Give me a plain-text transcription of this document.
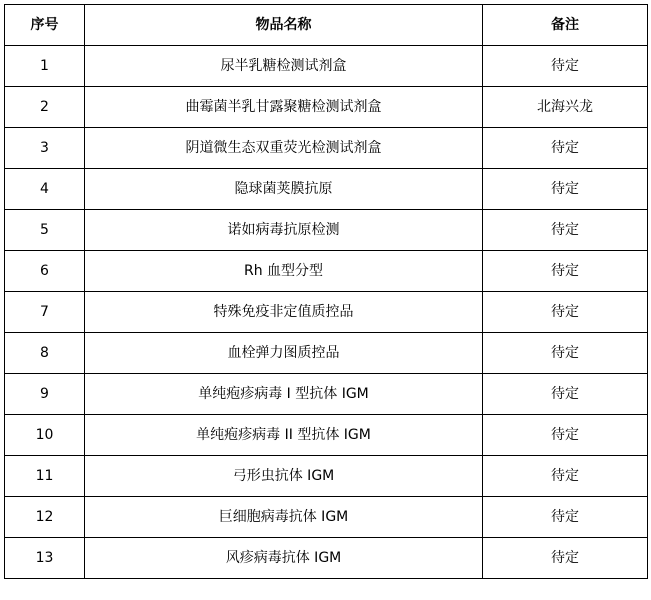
序号	物品名称	备注
1	尿半乳糖检测试剂盒	待定
2	曲霉菌半乳甘露聚糖检测试剂盒	北海兴龙
3	阴道微生态双重荧光检测试剂盒	待定
4	隐球菌荚膜抗原	待定
5	诺如病毒抗原检测	待定
6	Rh 血型分型	待定
7	特殊免疫非定值质控品	待定
8	血栓弹力图质控品	待定
9	单纯疱疹病毒 I 型抗体 IGM	待定
10	单纯疱疹病毒 II 型抗体 IGM	待定
11	弓形虫抗体 IGM	待定
12	巨细胞病毒抗体 IGM	待定
13	风疹病毒抗体 IGM	待定
